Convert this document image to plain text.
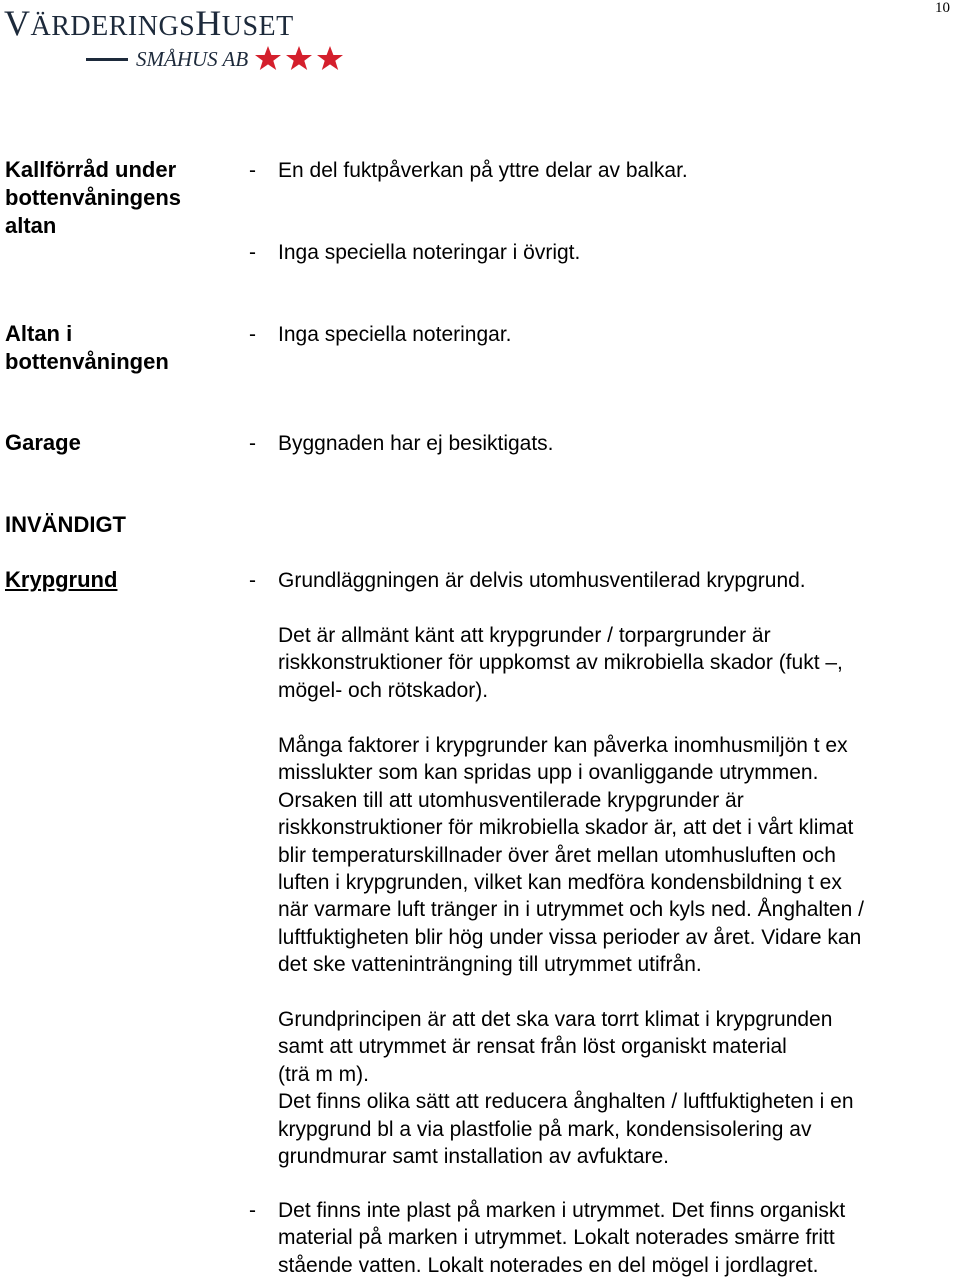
10
VÄRDERINGSHUSET
SMÅHUS AB
Kallförråd under
bottenvåningens
altan
- En del fuktpåverkan på yttre delar av balkar.
- Inga speciella noteringar i övrigt.
Altan i
bottenvåningen
- Inga speciella noteringar.
Garage	- Byggnaden har ej besiktigats.
INVÄNDIGT
Krypgrund	- Grundläggningen är delvis utomhusventilerad krypgrund.

Det är allmänt känt att krypgrunder / torpargrunder är

riskkonstruktioner för uppkomst av mikrobiella skador (fukt –,

mögel- och rötskador).

Många faktorer i krypgrunder kan påverka inomhusmiljön t ex

misslukter som kan spridas upp i ovanliggande utrymmen.

Orsaken till att utomhusventilerade krypgrunder är

riskkonstruktioner för mikrobiella skador är, att det i vårt klimat

blir temperaturskillnader över året mellan utomhusluften och

luften i krypgrunden, vilket kan medföra kondensbildning t ex

när varmare luft tränger in i utrymmet och kyls ned. Ånghalten /

luftfuktigheten blir hög under vissa perioder av året. Vidare kan

det ske vatteninträngning till utrymmet utifrån.

Grundprincipen är att det ska vara torrt klimat i krypgrunden

samt att utrymmet är rensat från löst organiskt material

(trä m m).

Det finns olika sätt att reducera ånghalten / luftfuktigheten i en

krypgrund bl a via plastfolie på mark, kondensisolering av

grundmurar samt installation av avfuktare.

- Det finns inte plast på marken i utrymmet. Det finns organiskt
material på marken i utrymmet. Lokalt noterades smärre fritt
stående vatten. Lokalt noterades en del mögel i jordlagret.
